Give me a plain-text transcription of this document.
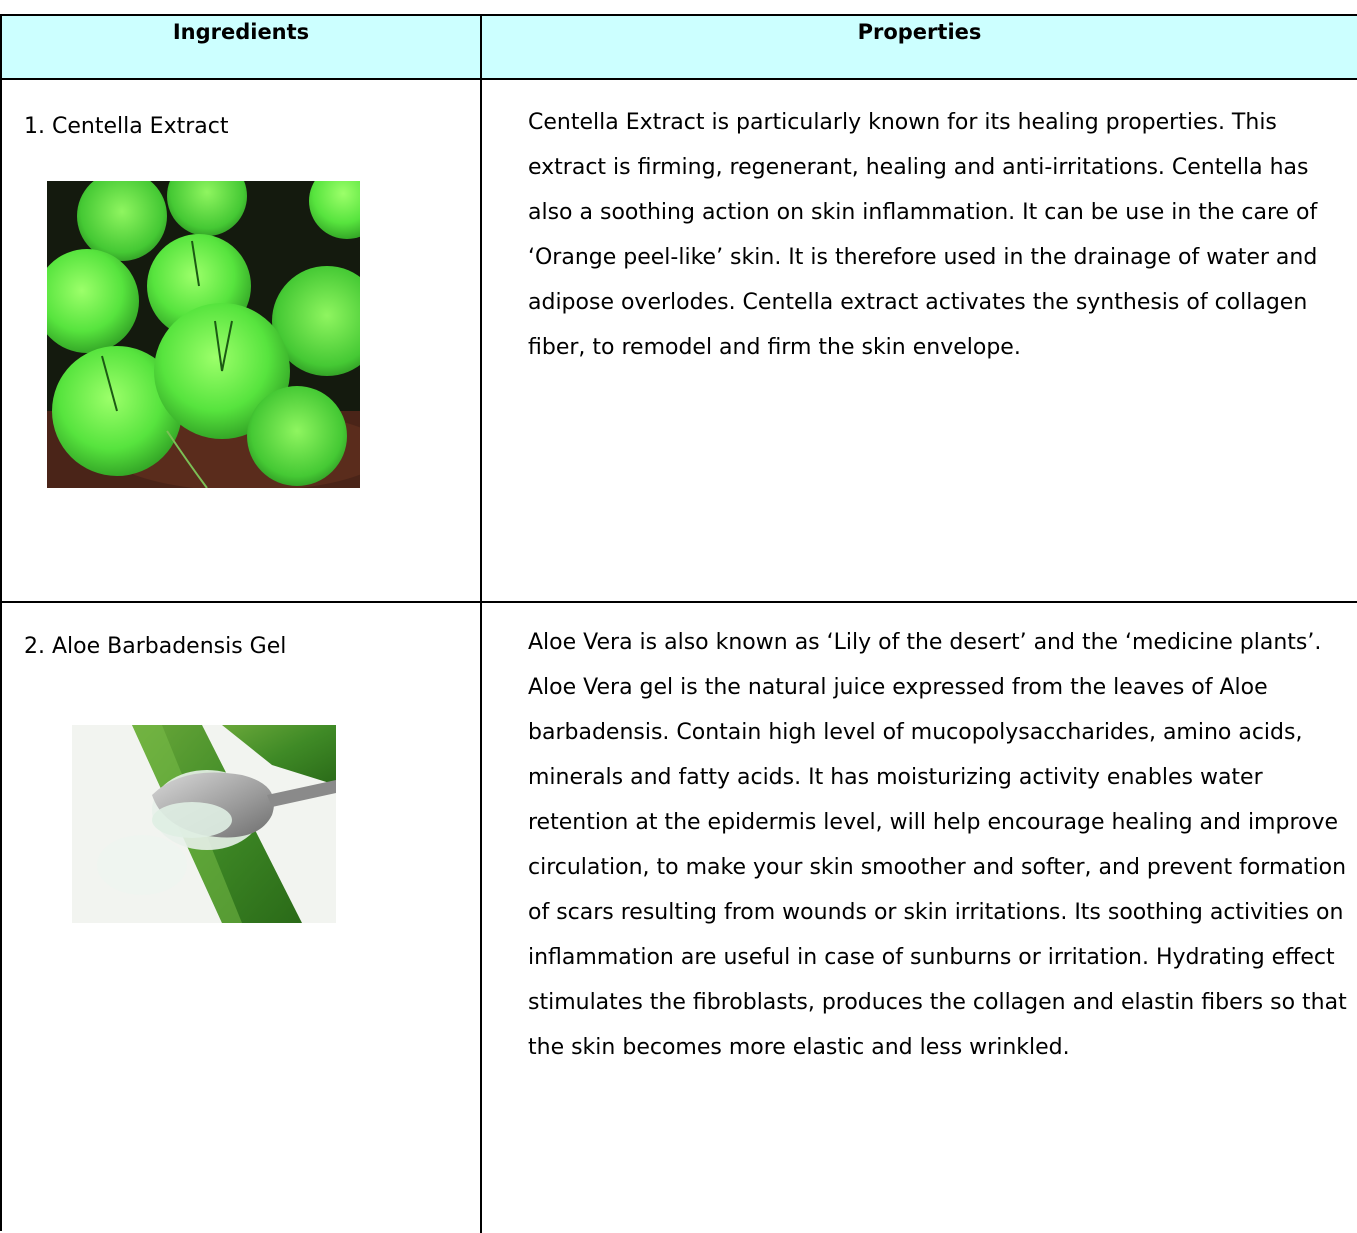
Ingredients	Properties
1. Centella Extract	Centella Extract is particularly known for its healing properties. This extract is firming, regenerant, healing and anti-irritations. Centella has also a soothing action on skin inflammation. It can be use in the care of ‘Orange peel-like’ skin. It is therefore used in the drainage of water and adipose overlodes. Centella extract activates the synthesis of collagen fiber, to remodel and firm the skin envelope.
2. Aloe Barbadensis Gel	Aloe Vera is also known as ‘Lily of the desert’ and the ‘medicine plants’. Aloe Vera gel is the natural juice expressed from the leaves of Aloe barbadensis. Contain high level of mucopolysaccharides, amino acids, minerals and fatty acids. It has moisturizing activity enables water retention at the epidermis level, will help encourage healing and improve circulation, to make your skin smoother and softer, and prevent formation of scars resulting from wounds or skin irritations. Its soothing activities on inflammation are useful in case of sunburns or irritation. Hydrating effect stimulates the fibroblasts, produces the collagen and elastin fibers so that the skin becomes more elastic and less wrinkled.
